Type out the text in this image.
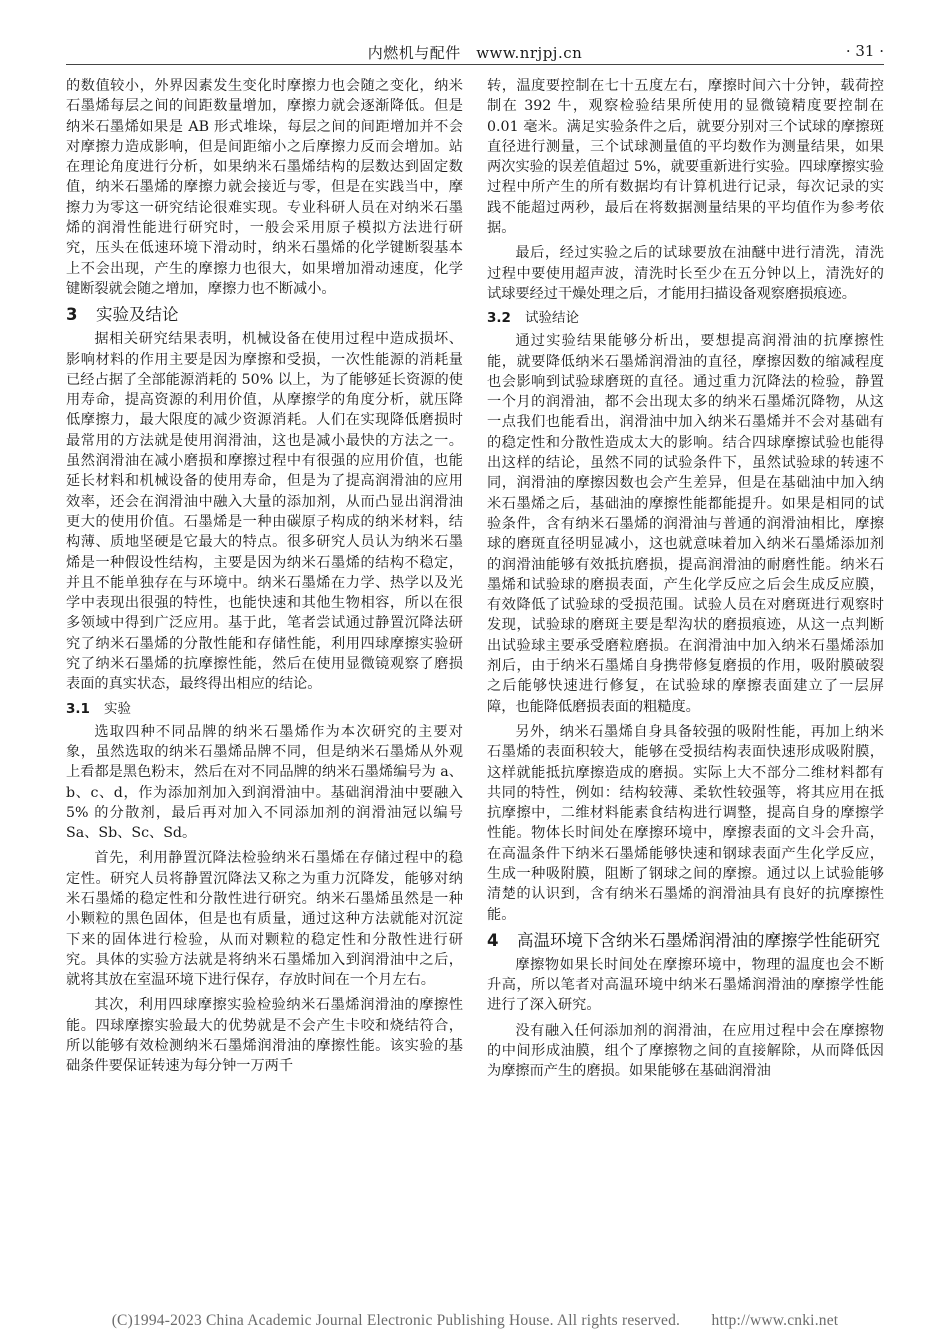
内燃机与配件　www.nrjpj.cn	· 31 ·

的数值较小，外界因素发生变化时摩擦力也会随之变化，纳米石墨烯每层之间的间距数量增加，摩擦力就会逐渐降低。但是纳米石墨烯如果是 AB 形式堆垛，每层之间的间距增加并不会对摩擦力造成影响，但是间距缩小之后摩擦力反而会增加。站在理论角度进行分析，如果纳米石墨烯结构的层数达到固定数值，纳米石墨烯的摩擦力就会接近与零，但是在实践当中，摩擦力为零这一研究结论很难实现。专业科研人员在对纳米石墨烯的润滑性能进行研究时，一般会采用原子模拟方法进行研究，压头在低速环境下滑动时，纳米石墨烯的化学键断裂基本上不会出现，产生的摩擦力也很大，如果增加滑动速度，化学键断裂就会随之增加，摩擦力也不断减小。

3	实验及结论

据相关研究结果表明，机械设备在使用过程中造成损坏、影响材料的作用主要是因为摩擦和受损，一次性能源的消耗量已经占据了全部能源消耗的 50% 以上，为了能够延长资源的使用寿命，提高资源的利用价值，从摩擦学的角度分析，就压降低摩擦力，最大限度的减少资源消耗。人们在实现降低磨损时最常用的方法就是使用润滑油，这也是减小最快的方法之一。虽然润滑油在减小磨损和摩擦过程中有很强的应用价值，也能延长材料和机械设备的使用寿命，但是为了提高润滑油的应用效率，还会在润滑油中融入大量的添加剂，从而凸显出润滑油更大的使用价值。石墨烯是一种由碳原子构成的纳米材料，结构薄、质地坚硬是它最大的特点。很多研究人员认为纳米石墨烯是一种假设性结构，主要是因为纳米石墨烯的结构不稳定，并且不能单独存在与环境中。纳米石墨烯在力学、热学以及光学中表现出很强的特性，也能快速和其他生物相容，所以在很多领域中得到广泛应用。基于此，笔者尝试通过静置沉降法研究了纳米石墨烯的分散性能和存储性能，利用四球摩擦实验研究了纳米石墨烯的抗摩擦性能，然后在使用显微镜观察了磨损表面的真实状态，最终得出相应的结论。

3.1	实验

选取四种不同品牌的纳米石墨烯作为本次研究的主要对象，虽然选取的纳米石墨烯品牌不同，但是纳米石墨烯从外观上看都是黑色粉末，然后在对不同品牌的纳米石墨烯编号为 a、b、c、d，作为添加剂加入到润滑油中。基础润滑油中要融入 5% 的分散剂，最后再对加入不同添加剂的润滑油冠以编号 Sa、Sb、Sc、Sd。

首先，利用静置沉降法检验纳米石墨烯在存储过程中的稳定性。研究人员将静置沉降法又称之为重力沉降发，能够对纳米石墨烯的稳定性和分散性进行研究。纳米石墨烯虽然是一种小颗粒的黑色固体，但是也有质量，通过这种方法就能对沉淀下来的固体进行检验，从而对颗粒的稳定性和分散性进行研究。具体的实验方法就是将纳米石墨烯加入到润滑油中之后，就将其放在室温环境下进行保存，存放时间在一个月左右。

其次，利用四球摩擦实验检验纳米石墨烯润滑油的摩擦性能。四球摩擦实验最大的优势就是不会产生卡咬和烧结符合，所以能够有效检测纳米石墨烯润滑油的摩擦性能。该实验的基础条件要保证转速为每分钟一万两千

转，温度要控制在七十五度左右，摩擦时间六十分钟，载荷控制在 392 牛，观察检验结果所使用的显微镜精度要控制在 0.01 毫米。满足实验条件之后，就要分别对三个试球的摩擦斑直径进行测量，三个试球测量值的平均数作为测量结果，如果两次实验的误差值超过 5%，就要重新进行实验。四球摩擦实验过程中所产生的所有数据均有计算机进行记录，每次记录的实践不能超过两秒，最后在将数据测量结果的平均值作为参考依据。

最后，经过实验之后的试球要放在油醚中进行清洗，清洗过程中要使用超声波，清洗时长至少在五分钟以上，清洗好的试球要经过干燥处理之后，才能用扫描设备观察磨损痕迹。

3.2	试验结论

通过实验结果能够分析出，要想提高润滑油的抗摩擦性能，就要降低纳米石墨烯润滑油的直径，摩擦因数的缩减程度也会影响到试验球磨斑的直径。通过重力沉降法的检验，静置一个月的润滑油，都不会出现太多的纳米石墨烯沉降物，从这一点我们也能看出，润滑油中加入纳米石墨烯并不会对基础有的稳定性和分散性造成太大的影响。结合四球摩擦试验也能得出这样的结论，虽然不同的试验条件下，虽然试验球的转速不同，润滑油的摩擦因数也会产生差异，但是在基础油中加入纳米石墨烯之后，基础油的摩擦性能都能提升。如果是相同的试验条件，含有纳米石墨烯的润滑油与普通的润滑油相比，摩擦球的磨斑直径明显减小，这也就意味着加入纳米石墨烯添加剂的润滑油能够有效抵抗磨损，提高润滑油的耐磨性能。纳米石墨烯和试验球的磨损表面，产生化学反应之后会生成反应膜，有效降低了试验球的受损范围。试验人员在对磨斑进行观察时发现，试验球的磨斑主要是犁沟状的磨损痕迹，从这一点判断出试验球主要承受磨粒磨损。在润滑油中加入纳米石墨烯添加剂后，由于纳米石墨烯自身携带修复磨损的作用，吸附膜破裂之后能够快速进行修复，在试验球的摩擦表面建立了一层屏障，也能降低磨损表面的粗糙度。

另外，纳米石墨烯自身具备较强的吸附性能，再加上纳米石墨烯的表面积较大，能够在受损结构表面快速形成吸附膜，这样就能抵抗摩擦造成的磨损。实际上大不部分二维材料都有共同的特性，例如：结构较薄、柔软性较强等，将其应用在抵抗摩擦中，二维材料能素食结构进行调整，提高自身的摩擦学性能。物体长时间处在摩擦环境中，摩擦表面的文斗会升高，在高温条件下纳米石墨烯能够快速和钢球表面产生化学反应，生成一种吸附膜，阻断了钢球之间的摩擦。通过以上试验能够清楚的认识到，含有纳米石墨烯的润滑油具有良好的抗摩擦性能。

4	高温环境下含纳米石墨烯润滑油的摩擦学性能研究

摩擦物如果长时间处在摩擦环境中，物理的温度也会不断升高，所以笔者对高温环境中纳米石墨烯润滑油的摩擦学性能进行了深入研究。

没有融入任何添加剂的润滑油，在应用过程中会在摩擦物的中间形成油膜，组个了摩擦物之间的直接解除，从而降低因为摩擦而产生的磨损。如果能够在基础润滑油

(C)1994-2023 China Academic Journal Electronic Publishing House. All rights reserved.　　http://www.cnki.net
